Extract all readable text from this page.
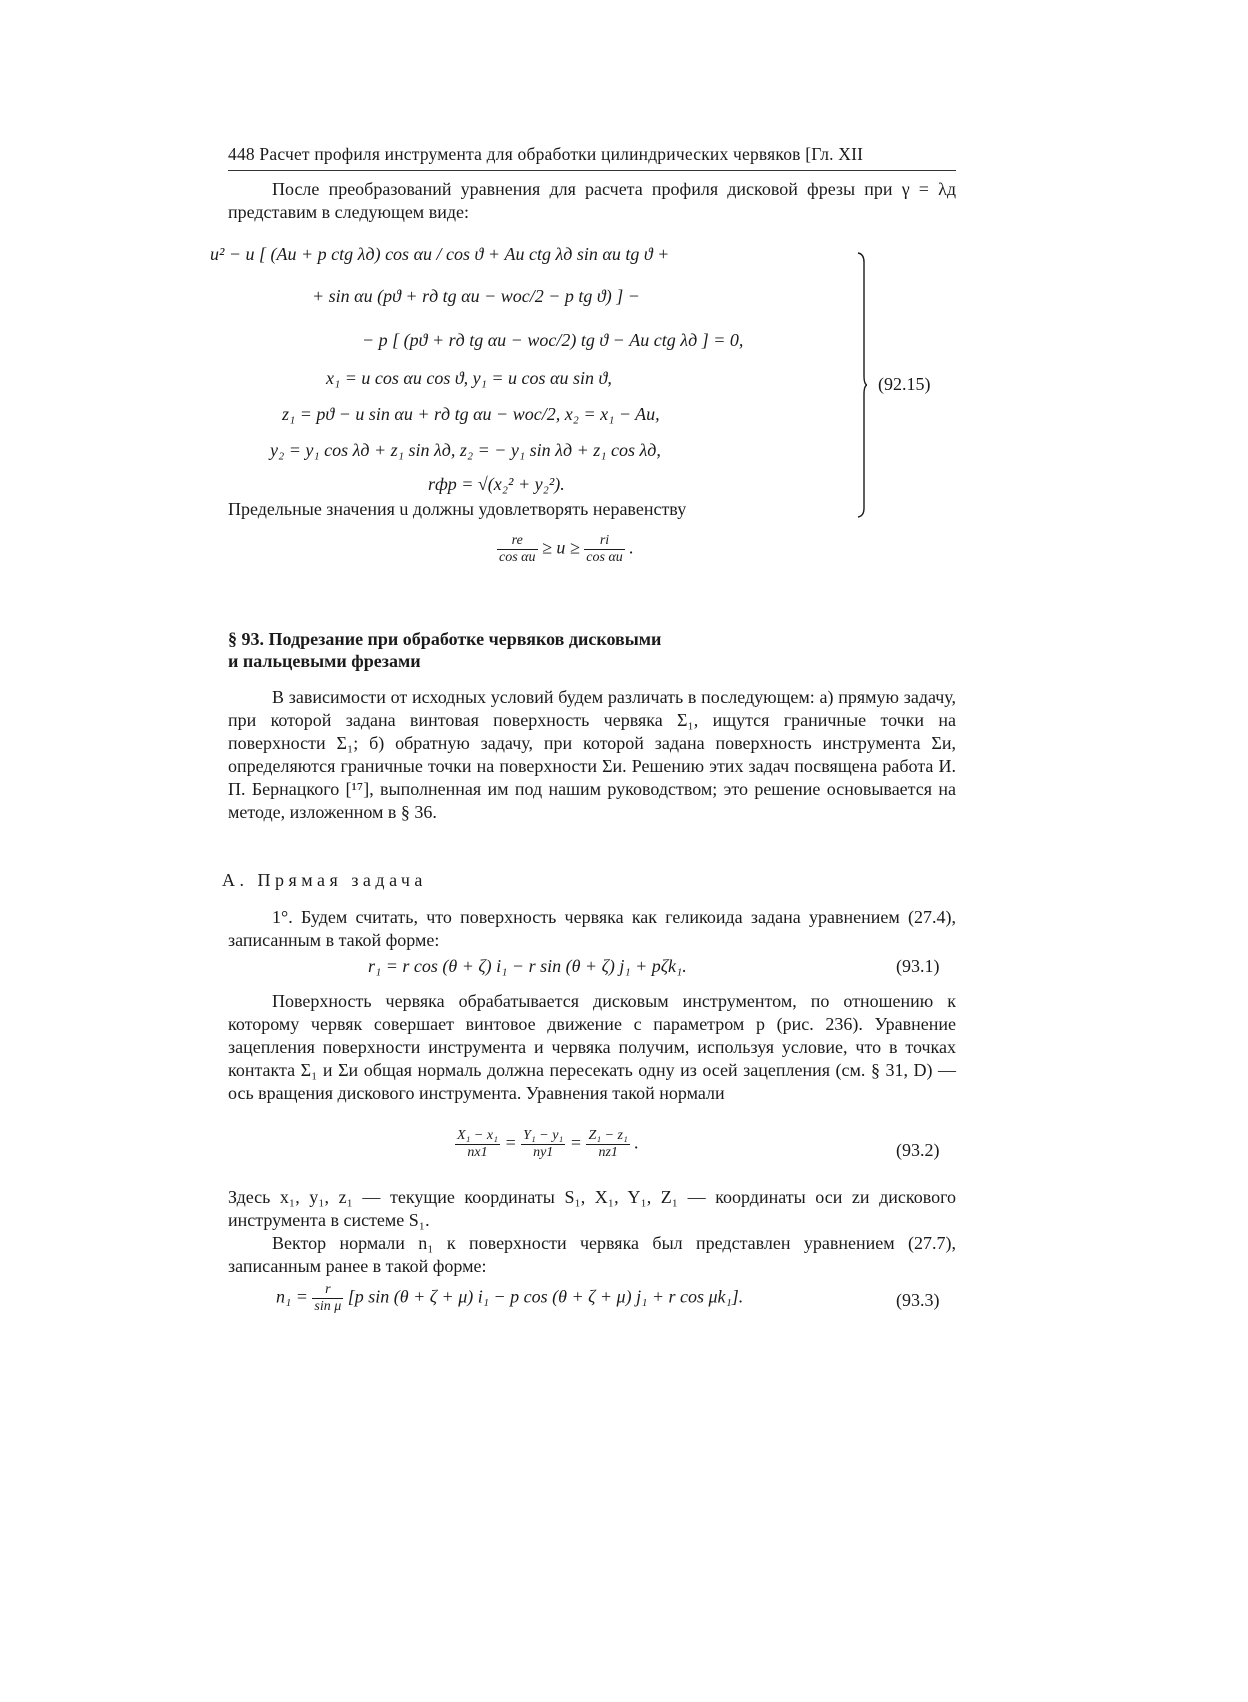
448 Расчет профиля инструмента для обработки цилиндрических червяков [Гл. XII
После преобразований уравнения для расчета профиля дисковой фрезы при γ = λд представим в следующем виде:
u² − u [ (Aи + p ctg λд) cos αи / cos ϑ + Aи ctg λд sin αи tg ϑ +
+ sin αи (pϑ + rд tg αи − wос/2 − p tg ϑ) ] −
− p [ (pϑ + rд tg αи − wос/2) tg ϑ − Aи ctg λд ] = 0,
x₁ = u cos αи cos ϑ, y₁ = u cos αи sin ϑ,
z₁ = pϑ − u sin αи + rд tg αи − wос/2, x₂ = x₁ − Aи,
y₂ = y₁ cos λд + z₁ sin λд, z₂ = − y₁ sin λд + z₁ cos λд,
rфр = √(x₂² + y₂²).
(92.15)
Предельные значения u должны удовлетворять неравенству
$\frac{re}{\text{cos αи}} \ge u \ge \frac{ri}{\text{cos αи}}$ .
§ 93. Подрезание при обработке червяков дисковыми
и пальцевыми фрезами
В зависимости от исходных условий будем различать в последующем: а) прямую задачу, при которой задана винтовая поверхность червяка Σ₁, ищутся граничные точки на поверхности Σ₁; б) обратную задачу, при которой задана поверхность инструмента Σи, определяются граничные точки на поверхности Σи. Решению этих задач посвящена работа И. П. Бернацкого [¹⁷], выполненная им под нашим руководством; это решение основывается на методе, изложенном в § 36.
А. Прямая задача
1°. Будем считать, что поверхность червяка как геликоида задана уравнением (27.4), записанным в такой форме:
r₁ = r cos (θ + ζ) i₁ − r sin (θ + ζ) j₁ + pζk₁.	(93.1)
Поверхность червяка обрабатывается дисковым инструментом, по отношению к которому червяк совершает винтовое движение с параметром p (рис. 236). Уравнение зацепления поверхности инструмента и червяка получим, используя условие, что в точках контакта Σ₁ и Σи общая нормаль должна пересекать одну из осей зацепления (см. § 31, D) — ось вращения дискового инструмента. Уравнения такой нормали
$\frac{\text{X₁ − x₁}}{nx1} = \frac{\text{Y₁ − y₁}}{ny1} = \frac{\text{Z₁ − z₁}}{nz1}$ .	(93.2)
Здесь x₁, y₁, z₁ — текущие координаты S₁, X₁, Y₁, Z₁ — координаты оси zи дискового инструмента в системе S₁.
Вектор нормали n₁ к поверхности червяка был представлен уравнением (27.7), записанным ранее в такой форме:
$n_1 = \frac{r}{\text{sin μ}} [p$ sin (θ + ζ + μ) i₁ − p cos (θ + ζ + μ) j₁ + r cos μk₁].	(93.3)
